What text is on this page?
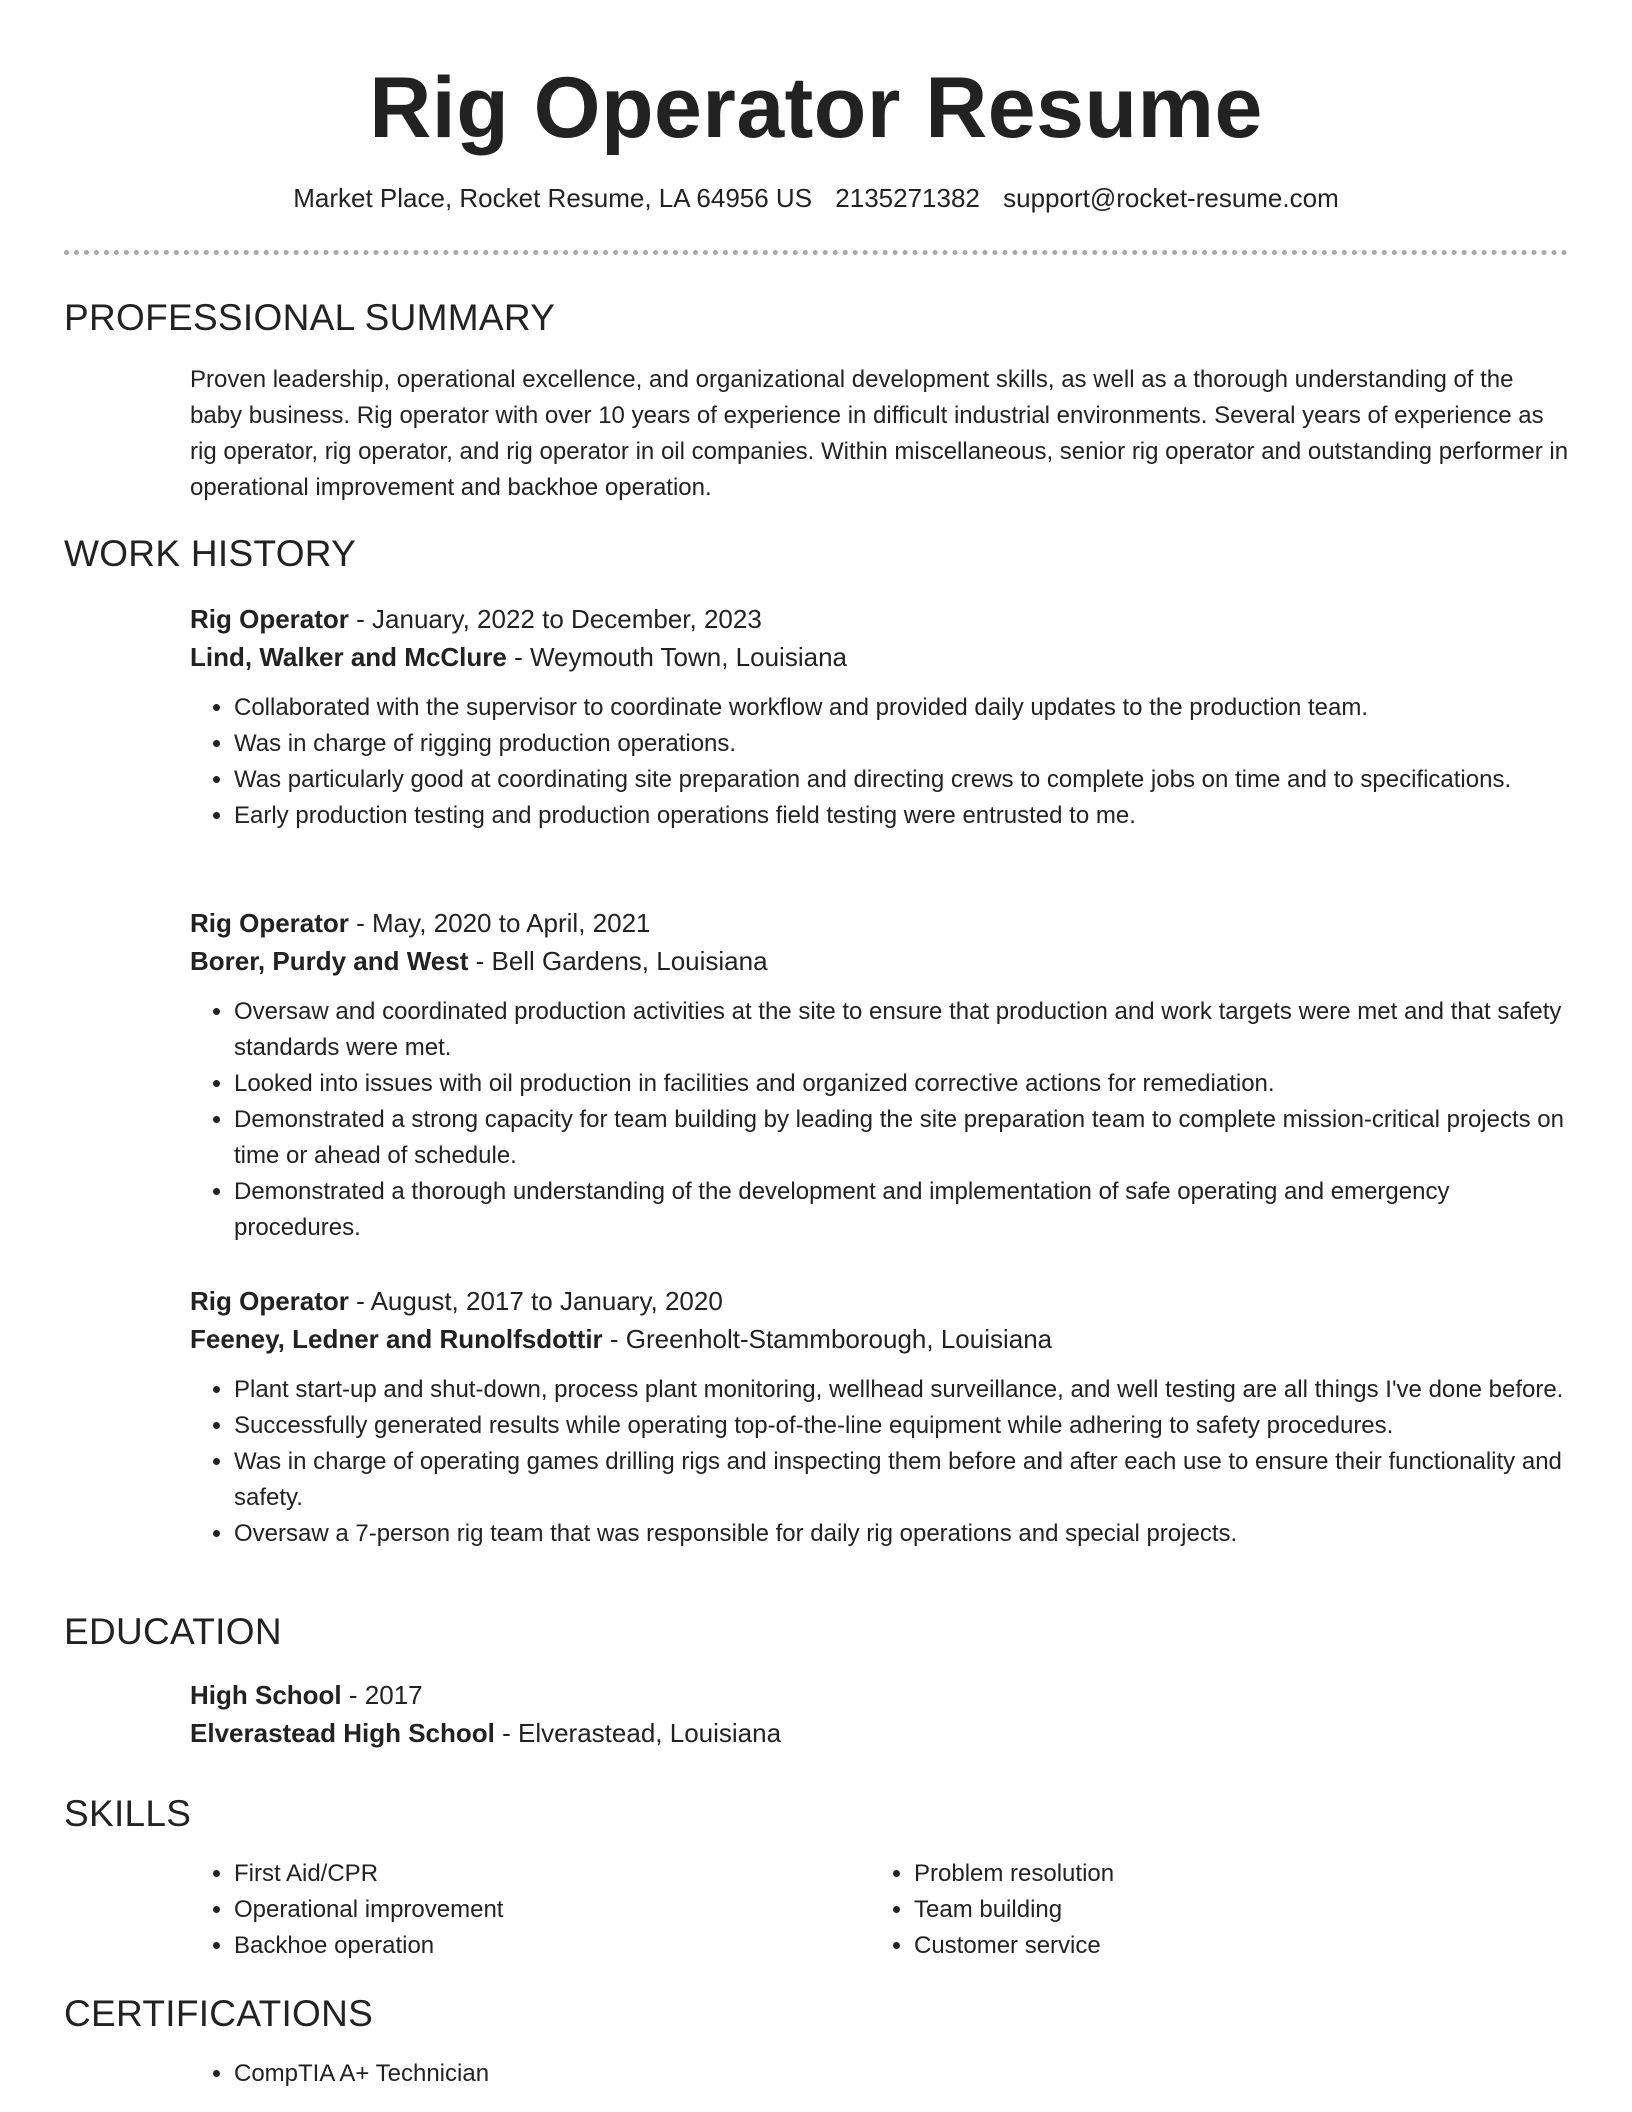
Rig Operator Resume
Market Place, Rocket Resume, LA 64956 US 2135271382 support@rocket-resume.com
PROFESSIONAL SUMMARY

Proven leadership, operational excellence, and organizational development skills, as well as a thorough understanding of the baby business. Rig operator with over 10 years of experience in difficult industrial environments. Several years of experience as rig operator, rig operator, and rig operator in oil companies. Within miscellaneous, senior rig operator and outstanding performer in operational improvement and backhoe operation.

WORK HISTORY

Rig Operator - January, 2022 to December, 2023

Lind, Walker and McClure - Weymouth Town, Louisiana

• Collaborated with the supervisor to coordinate workflow and provided daily updates to the production team.
• Was in charge of rigging production operations.
• Was particularly good at coordinating site preparation and directing crews to complete jobs on time and to specifications.
• Early production testing and production operations field testing were entrusted to me.

Rig Operator - May, 2020 to April, 2021

Borer, Purdy and West - Bell Gardens, Louisiana

• Oversaw and coordinated production activities at the site to ensure that production and work targets were met and that safety standards were met.
• Looked into issues with oil production in facilities and organized corrective actions for remediation.
• Demonstrated a strong capacity for team building by leading the site preparation team to complete mission-critical projects on time or ahead of schedule.
• Demonstrated a thorough understanding of the development and implementation of safe operating and emergency procedures.

Rig Operator - August, 2017 to January, 2020

Feeney, Ledner and Runolfsdottir - Greenholt-Stammborough, Louisiana

• Plant start-up and shut-down, process plant monitoring, wellhead surveillance, and well testing are all things I've done before.
• Successfully generated results while operating top-of-the-line equipment while adhering to safety procedures.
• Was in charge of operating games drilling rigs and inspecting them before and after each use to ensure their functionality and safety.
• Oversaw a 7-person rig team that was responsible for daily rig operations and special projects.
EDUCATION

High School - 2017

Elverastead High School - Elverastead, Louisiana

SKILLS
• First Aid/CPR
• Operational improvement
• Backhoe operation
• Problem resolution
• Team building
• Customer service
CERTIFICATIONS
• CompTIA A+ Technician
